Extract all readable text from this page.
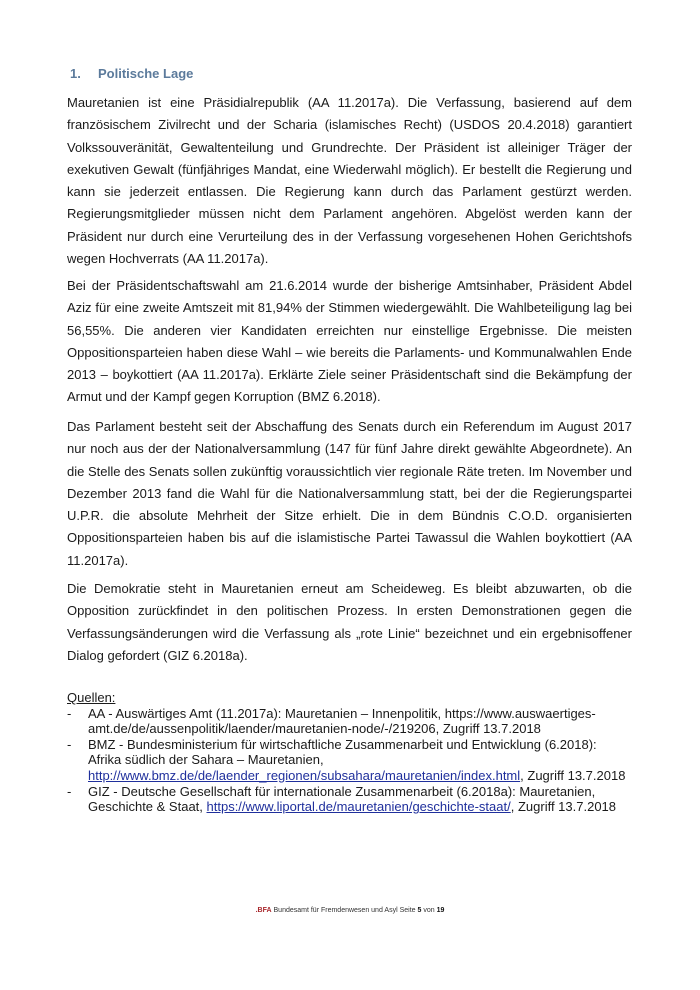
1. Politische Lage

Mauretanien ist eine Präsidialrepublik (AA 11.2017a). Die Verfassung, basierend auf dem französischem Zivilrecht und der Scharia (islamisches Recht) (USDOS 20.4.2018) garantiert Volkssouveränität, Gewaltenteilung und Grundrechte. Der Präsident ist alleiniger Träger der exekutiven Gewalt (fünfjähriges Mandat, eine Wiederwahl möglich). Er bestellt die Regierung und kann sie jederzeit entlassen. Die Regierung kann durch das Parlament gestürzt werden. Regierungsmitglieder müssen nicht dem Parlament angehören. Abgelöst werden kann der Präsident nur durch eine Verurteilung des in der Verfassung vorgesehenen Hohen Gerichtshofs wegen Hochverrats (AA 11.2017a).

Bei der Präsidentschaftswahl am 21.6.2014 wurde der bisherige Amtsinhaber, Präsident Abdel Aziz für eine zweite Amtszeit mit 81,94% der Stimmen wiedergewählt. Die Wahlbeteiligung lag bei 56,55%. Die anderen vier Kandidaten erreichten nur einstellige Ergebnisse. Die meisten Oppositionsparteien haben diese Wahl – wie bereits die Parlaments- und Kommunalwahlen Ende 2013 – boykottiert (AA 11.2017a). Erklärte Ziele seiner Präsidentschaft sind die Bekämpfung der Armut und der Kampf gegen Korruption (BMZ 6.2018).

Das Parlament besteht seit der Abschaffung des Senats durch ein Referendum im August 2017 nur noch aus der der Nationalversammlung (147 für fünf Jahre direkt gewählte Abgeordnete). An die Stelle des Senats sollen zukünftig voraussichtlich vier regionale Räte treten. Im November und Dezember 2013 fand die Wahl für die Nationalversammlung statt, bei der die Regierungspartei U.P.R. die absolute Mehrheit der Sitze erhielt. Die in dem Bündnis C.O.D. organisierten Oppositionsparteien haben bis auf die islamistische Partei Tawassul die Wahlen boykottiert (AA 11.2017a).

Die Demokratie steht in Mauretanien erneut am Scheideweg. Es bleibt abzuwarten, ob die Opposition zurückfindet in den politischen Prozess. In ersten Demonstrationen gegen die Verfassungsänderungen wird die Verfassung als „rote Linie“ bezeichnet und ein ergebnisoffener Dialog gefordert (GIZ 6.2018a).

Quellen:
- AA - Auswärtiges Amt (11.2017a): Mauretanien – Innenpolitik, https://www.auswaertiges-amt.de/de/aussenpolitik/laender/mauretanien-node/-/219206, Zugriff 13.7.2018
- BMZ - Bundesministerium für wirtschaftliche Zusammenarbeit und Entwicklung (6.2018): Afrika südlich der Sahara – Mauretanien, http://www.bmz.de/de/laender_regionen/subsahara/mauretanien/index.html, Zugriff 13.7.2018
- GIZ - Deutsche Gesellschaft für internationale Zusammenarbeit (6.2018a): Mauretanien, Geschichte & Staat, https://www.liportal.de/mauretanien/geschichte-staat/, Zugriff 13.7.2018
.BFA Bundesamt für Fremdenwesen und Asyl Seite 5 von 19
